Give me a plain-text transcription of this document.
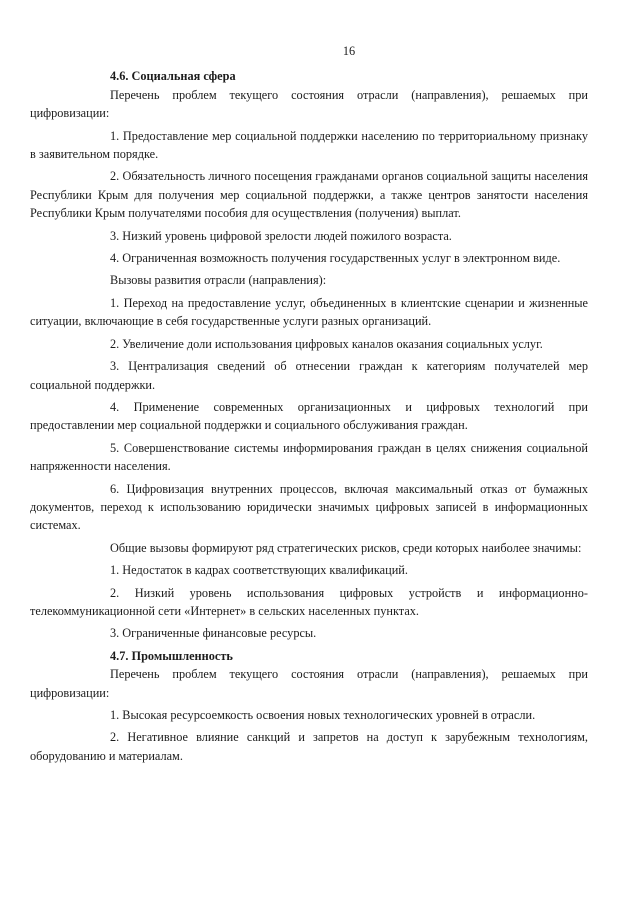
16
4.6. Социальная сфера

Перечень проблем текущего состояния отрасли (направления), решаемых при цифровизации:

1. Предоставление мер социальной поддержки населению по территориальному признаку в заявительном порядке.

2. Обязательность личного посещения гражданами органов социальной защиты населения Республики Крым для получения мер социальной поддержки, а также центров занятости населения Республики Крым получателями пособия для осуществления (получения) выплат.

3. Низкий уровень цифровой зрелости людей пожилого возраста.

4. Ограниченная возможность получения государственных услуг в электронном виде.

Вызовы развития отрасли (направления):

1. Переход на предоставление услуг, объединенных в клиентские сценарии и жизненные ситуации, включающие в себя государственные услуги разных организаций.

2. Увеличение доли использования цифровых каналов оказания социальных услуг.

3. Централизация сведений об отнесении граждан к категориям получателей мер социальной поддержки.

4. Применение современных организационных и цифровых технологий при предоставлении мер социальной поддержки и социального обслуживания граждан.

5. Совершенствование системы информирования граждан в целях снижения социальной напряженности населения.

6. Цифровизация внутренних процессов, включая максимальный отказ от бумажных документов, переход к использованию юридически значимых цифровых записей в информационных системах.

Общие вызовы формируют ряд стратегических рисков, среди которых наиболее значимы:

1. Недостаток в кадрах соответствующих квалификаций.

2. Низкий уровень использования цифровых устройств и информационно-телекоммуникационной сети «Интернет» в сельских населенных пунктах.

3. Ограниченные финансовые ресурсы.

4.7. Промышленность

Перечень проблем текущего состояния отрасли (направления), решаемых при цифровизации:

1. Высокая ресурсоемкость освоения новых технологических уровней в отрасли.

2. Негативное влияние санкций и запретов на доступ к зарубежным технологиям, оборудованию и материалам.
